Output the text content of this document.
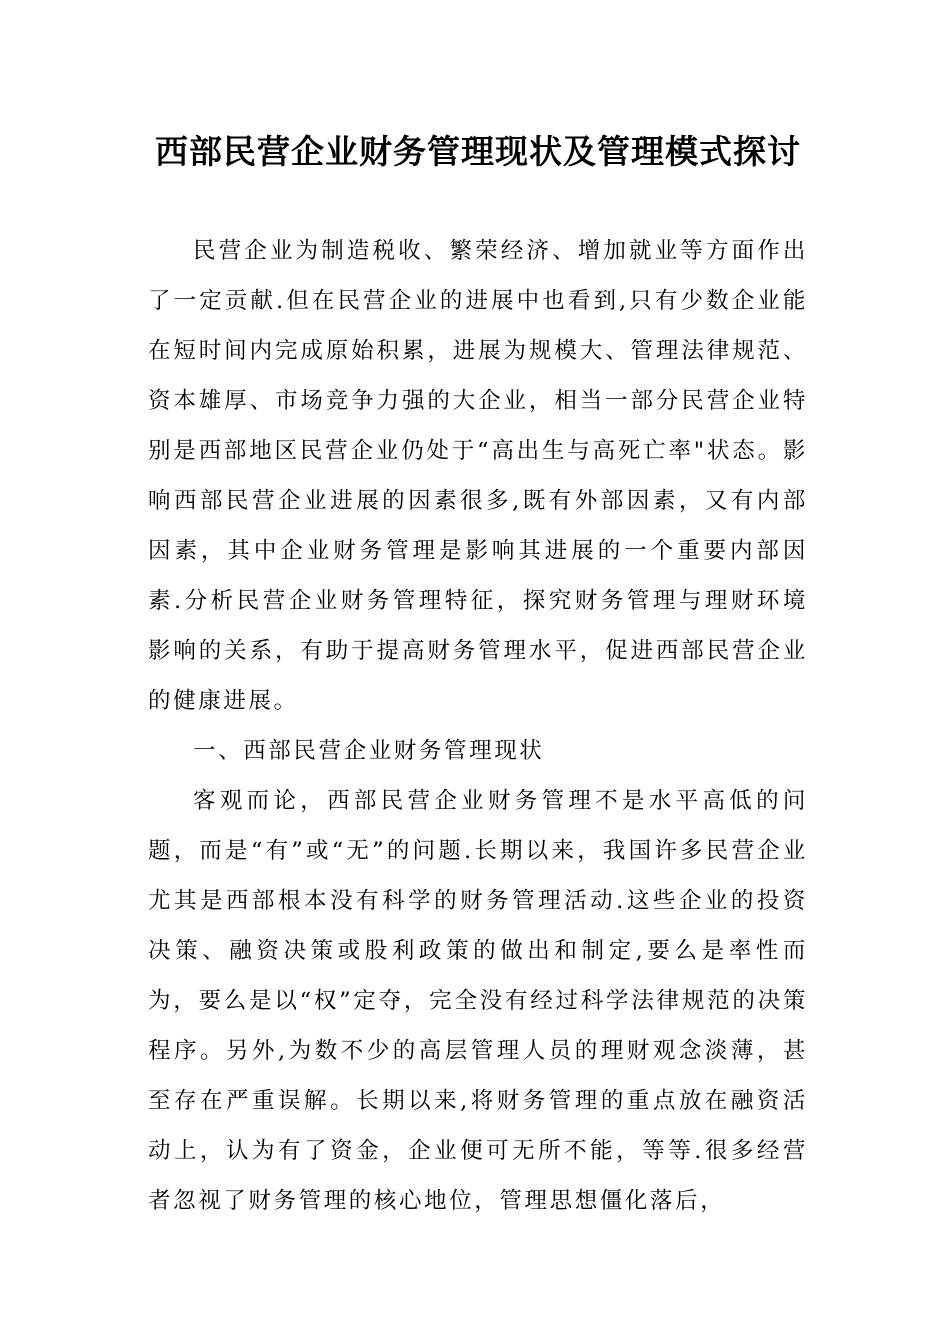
西部民营企业财务管理现状及管理模式探讨

民营企业为制造税收、繁荣经济、增加就业等方面作出了一定贡献.但在民营企业的进展中也看到,只有少数企业能在短时间内完成原始积累，进展为规模大、管理法律规范、资本雄厚、市场竞争力强的大企业，相当一部分民营企业特别是西部地区民营企业仍处于“高出生与高死亡率"状态。影响西部民营企业进展的因素很多,既有外部因素，又有内部因素，其中企业财务管理是影响其进展的一个重要内部因素.分析民营企业财务管理特征，探究财务管理与理财环境影响的关系，有助于提高财务管理水平，促进西部民营企业的健康进展。

一、西部民营企业财务管理现状

客观而论，西部民营企业财务管理不是水平高低的问题，而是“有”或“无”的问题.长期以来，我国许多民营企业尤其是西部根本没有科学的财务管理活动.这些企业的投资决策、融资决策或股利政策的做出和制定,要么是率性而为，要么是以“权”定夺，完全没有经过科学法律规范的决策程序。另外,为数不少的高层管理人员的理财观念淡薄，甚至存在严重误解。长期以来,将财务管理的重点放在融资活动上，认为有了资金，企业便可无所不能，等等.很多经营者忽视了财务管理的核心地位，管理思想僵化落后，
